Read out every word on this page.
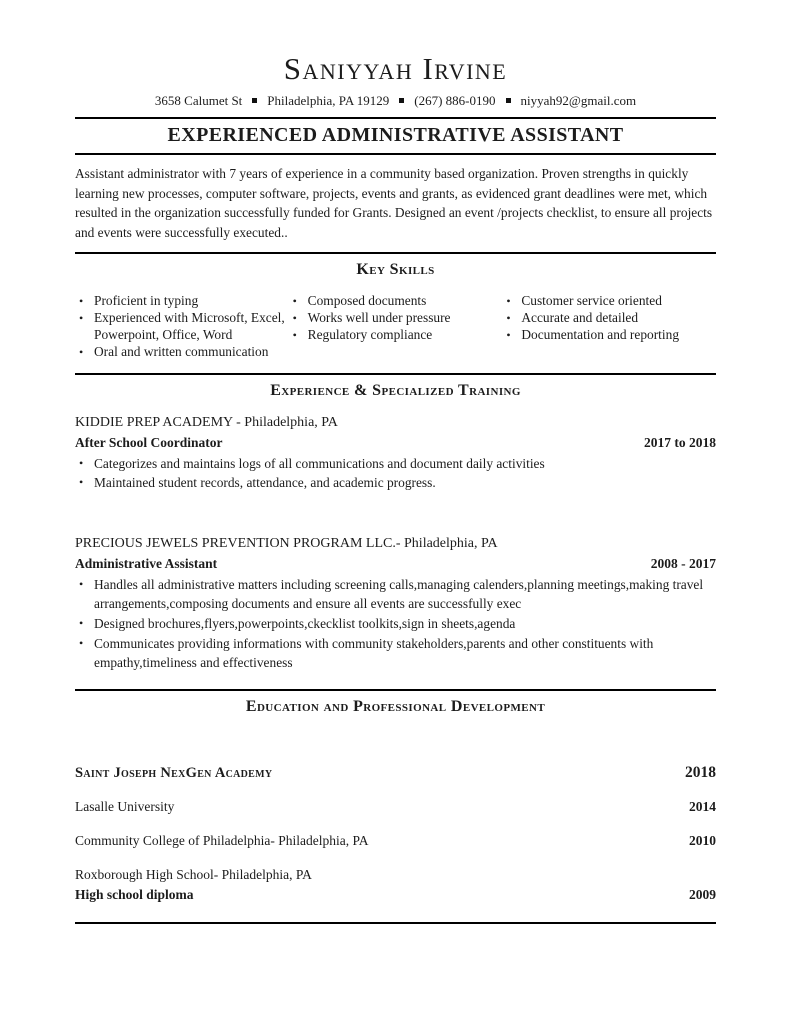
Saniyyah Irvine
3658 Calumet St Philadelphia, PA 19129 (267) 886-0190 niyyah92@gmail.com
EXPERIENCED ADMINISTRATIVE ASSISTANT

Assistant administrator with 7 years of experience in a community based organization. Proven strengths in quickly learning new processes, computer software, projects, events and grants, as evidenced grant deadlines were met, which resulted in the organization successfully funded for Grants. Designed an event /projects checklist, to ensure all projects and events were successfully executed..

Key Skills
• Proficient in typing
• Experienced with Microsoft, Excel, Powerpoint, Office, Word
• Oral and written communication
• Composed documents
• Works well under pressure
• Regulatory compliance
• Customer service oriented
• Accurate and detailed
• Documentation and reporting
Experience & Specialized Training
KIDDIE PREP ACADEMY - Philadelphia, PA
After School Coordinator	2017 to 2018
• Categorizes and maintains logs of all communications and document daily activities
• Maintained student records, attendance, and academic progress.
PRECIOUS JEWELS PREVENTION PROGRAM LLC.- Philadelphia, PA
Administrative Assistant	2008 - 2017
• Handles all administrative matters including screening calls,managing calenders,planning meetings,making travel arrangements,composing documents and ensure all events are successfully exec
• Designed brochures,flyers,powerpoints,ckecklist toolkits,sign in sheets,agenda
• Communicates providing informations with community stakeholders,parents and other constituents with empathy,timeliness and effectiveness
Education and Professional Development
Saint Joseph NexGen Academy	2018
Lasalle University	2014
Community College of Philadelphia- Philadelphia, PA	2010
Roxborough High School- Philadelphia, PA
High school diploma	2009
